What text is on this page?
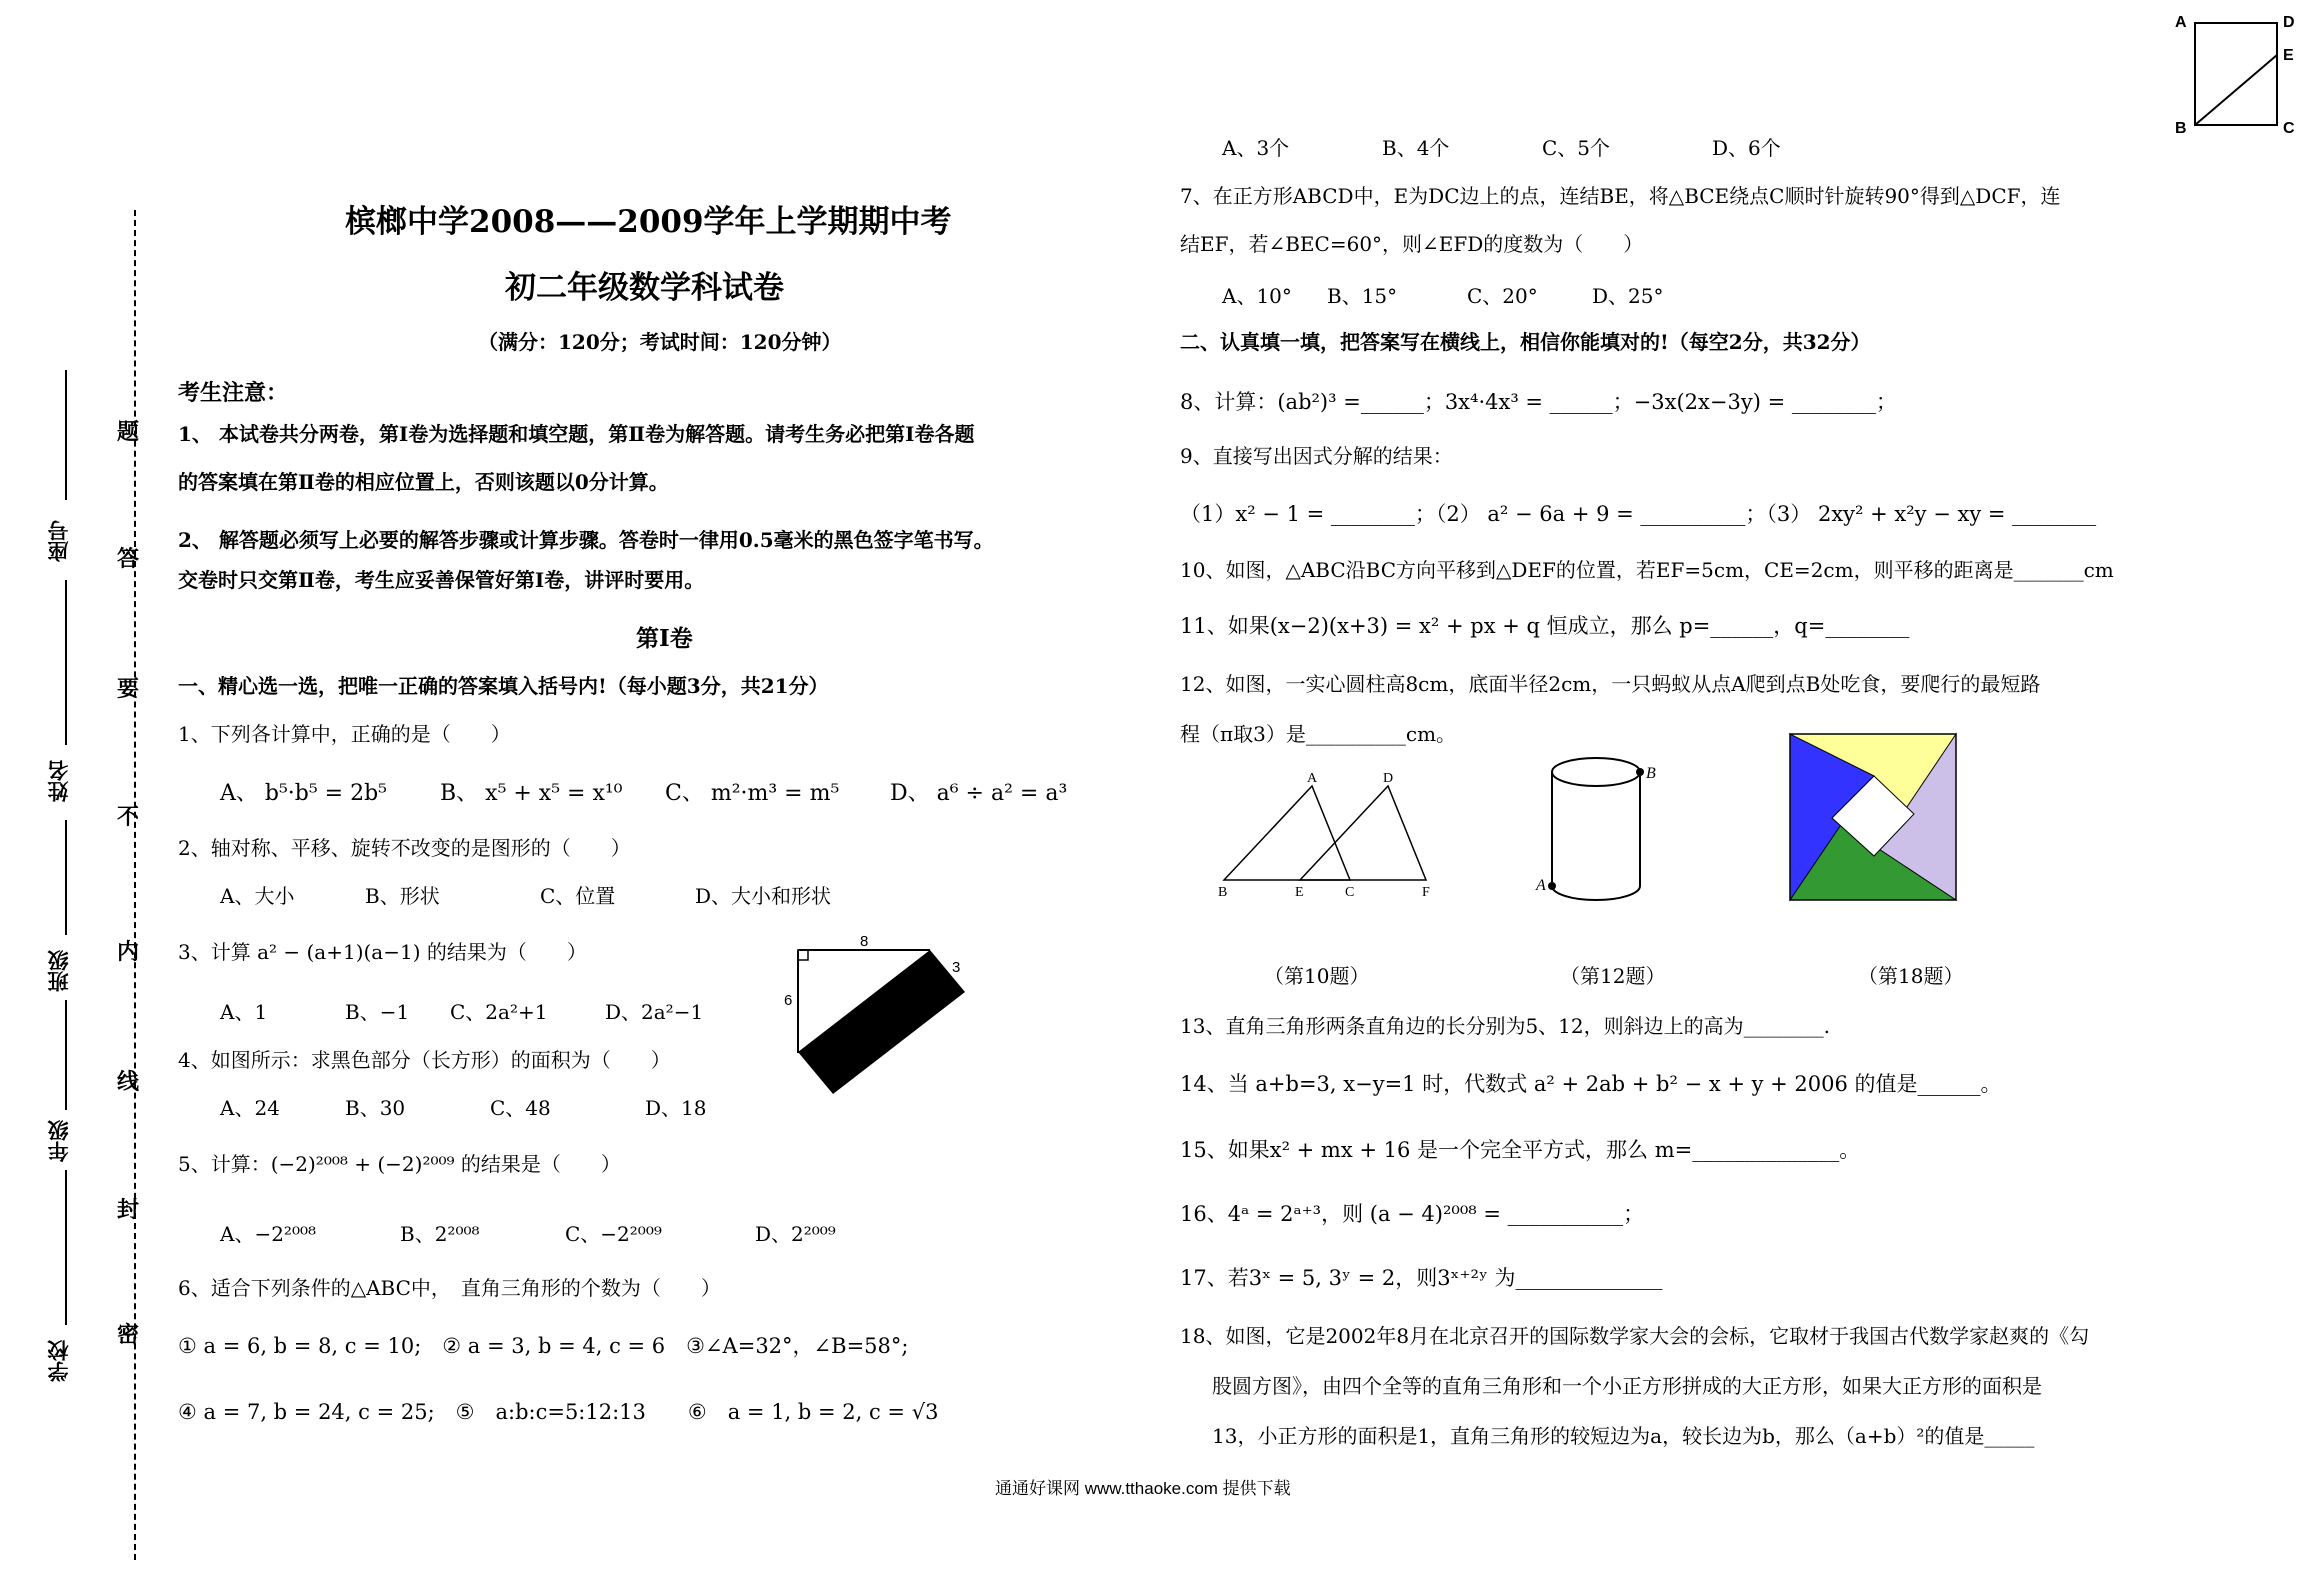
A	D
E
B	C
座号
姓名
班级
年级
学校
题
答
要
不
内
线
封
密
槟榔中学2008——2009学年上学期期中考
初二年级数学科试卷
（满分：120分；考试时间：120分钟）
考生注意：
1、 本试卷共分两卷，第Ⅰ卷为选择题和填空题，第Ⅱ卷为解答题。请考生务必把第Ⅰ卷各题
的答案填在第Ⅱ卷的相应位置上，否则该题以0分计算。
2、 解答题必须写上必要的解答步骤或计算步骤。答卷时一律用0.5毫米的黑色签字笔书写。
交卷时只交第Ⅱ卷，考生应妥善保管好第Ⅰ卷，讲评时要用。
第Ⅰ卷
一、精心选一选，把唯一正确的答案填入括号内!（每小题3分，共21分）
1、下列各计算中，正确的是（　　）
A、 b⁵·b⁵ = 2b⁵ B、 x⁵ + x⁵ = x¹⁰ C、 m²·m³ = m⁵ D、 a⁶ ÷ a² = a³
2、轴对称、平移、旋转不改变的是图形的（　　）
A、大小	B、形状	C、位置	D、大小和形状
3、计算 a² − (a+1)(a−1) 的结果为（　　）
A、1	B、−1 C、2a²+1	D、2a²−1
4、如图所示：求黑色部分（长方形）的面积为（　　）
A、24	B、30	C、48	D、18
8
6
3
5、计算：(−2)²⁰⁰⁸ + (−2)²⁰⁰⁹ 的结果是（　　）
A、−2²⁰⁰⁸	B、2²⁰⁰⁸	C、−2²⁰⁰⁹	D、2²⁰⁰⁹
6、适合下列条件的△ABC中，　直角三角形的个数为（　　）
① a = 6, b = 8, c = 10;　② a = 3, b = 4, c = 6　③∠A=32°，∠B=58°;
④ a = 7, b = 24, c = 25;　⑤　a:b:c=5:12:13　　⑥　a = 1, b = 2, c = √3
A、3个	B、4个	C、5个	D、6个
7、在正方形ABCD中，E为DC边上的点，连结BE，将△BCE绕点C顺时针旋转90°得到△DCF，连
结EF，若∠BEC=60°，则∠EFD的度数为（　　）
A、10° B、15°	C、20°	D、25°
二、认真填一填，把答案写在横线上，相信你能填对的!（每空2分，共32分）
8、计算：(ab²)³ =______；3x⁴·4x³ = ______；−3x(2x−3y) = ________；
9、直接写出因式分解的结果：
（1）x² − 1 = ________；（2） a² − 6a + 9 = __________；（3） 2xy² + x²y − xy = ________
10、如图，△ABC沿BC方向平移到△DEF的位置，若EF=5cm，CE=2cm，则平移的距离是_______cm
11、如果(x−2)(x+3) = x² + px + q 恒成立，那么 p=______，q=________
12、如图，一实心圆柱高8cm，底面半径2cm，一只蚂蚁从点A爬到点B处吃食，要爬行的最短路
程（π取3）是__________cm。
A	D
B	E	C	F
B
A
（第10题）	（第12题）	（第18题）
13、直角三角形两条直角边的长分别为5、12，则斜边上的高为________.
14、当 a+b=3, x−y=1 时，代数式 a² + 2ab + b² − x + y + 2006 的值是______。
15、如果x² + mx + 16 是一个完全平方式，那么 m=______________。
16、4ᵃ = 2ᵃ⁺³，则 (a − 4)²⁰⁰⁸ = ___________；
17、若3ˣ = 5, 3ʸ = 2，则3ˣ⁺²ʸ 为______________
18、如图，它是2002年8月在北京召开的国际数学家大会的会标，它取材于我国古代数学家赵爽的《勾
股圆方图》，由四个全等的直角三角形和一个小正方形拼成的大正方形，如果大正方形的面积是
13，小正方形的面积是1，直角三角形的较短边为a，较长边为b，那么（a+b）²的值是_____
通通好课网 www.tthaoke.com 提供下载
